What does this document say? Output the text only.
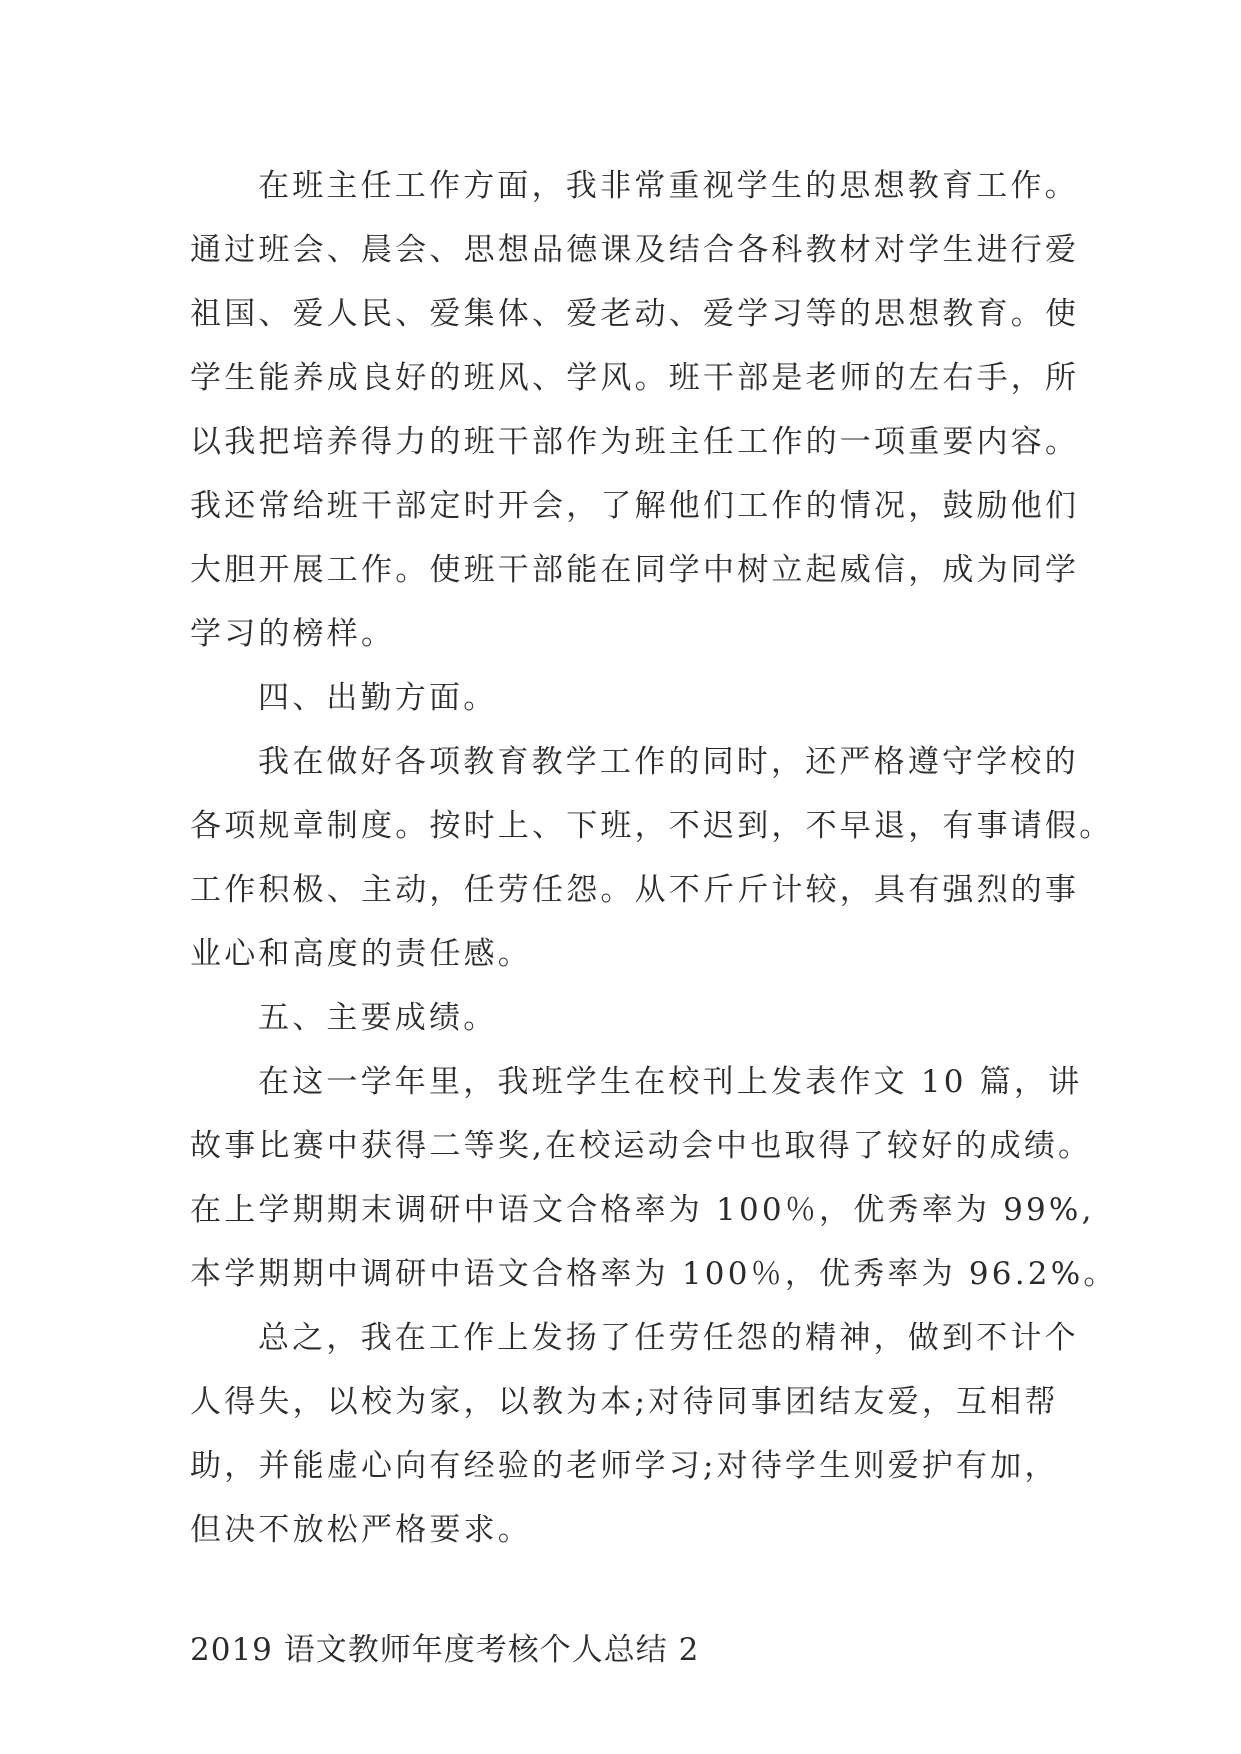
在班主任工作方面，我非常重视学生的思想教育工作。
通过班会、晨会、思想品德课及结合各科教材对学生进行爱
祖国、爱人民、爱集体、爱老动、爱学习等的思想教育。使
学生能养成良好的班风、学风。班干部是老师的左右手，所
以我把培养得力的班干部作为班主任工作的一项重要内容。
我还常给班干部定时开会，了解他们工作的情况，鼓励他们
大胆开展工作。使班干部能在同学中树立起威信，成为同学
学习的榜样。
四、出勤方面。
我在做好各项教育教学工作的同时，还严格遵守学校的
各项规章制度。按时上、下班，不迟到，不早退，有事请假。
工作积极、主动，任劳任怨。从不斤斤计较，具有强烈的事
业心和高度的责任感。
五、主要成绩。
在这一学年里，我班学生在校刊上发表作文 10 篇，讲
故事比赛中获得二等奖,在校运动会中也取得了较好的成绩。
在上学期期末调研中语文合格率为 100％，优秀率为 99%,
本学期期中调研中语文合格率为 100％，优秀率为 96.2%。
总之，我在工作上发扬了任劳任怨的精神，做到不计个
人得失，以校为家，以教为本;对待同事团结友爱，互相帮
助，并能虚心向有经验的老师学习;对待学生则爱护有加，
但决不放松严格要求。
2019 语文教师年度考核个人总结 2
